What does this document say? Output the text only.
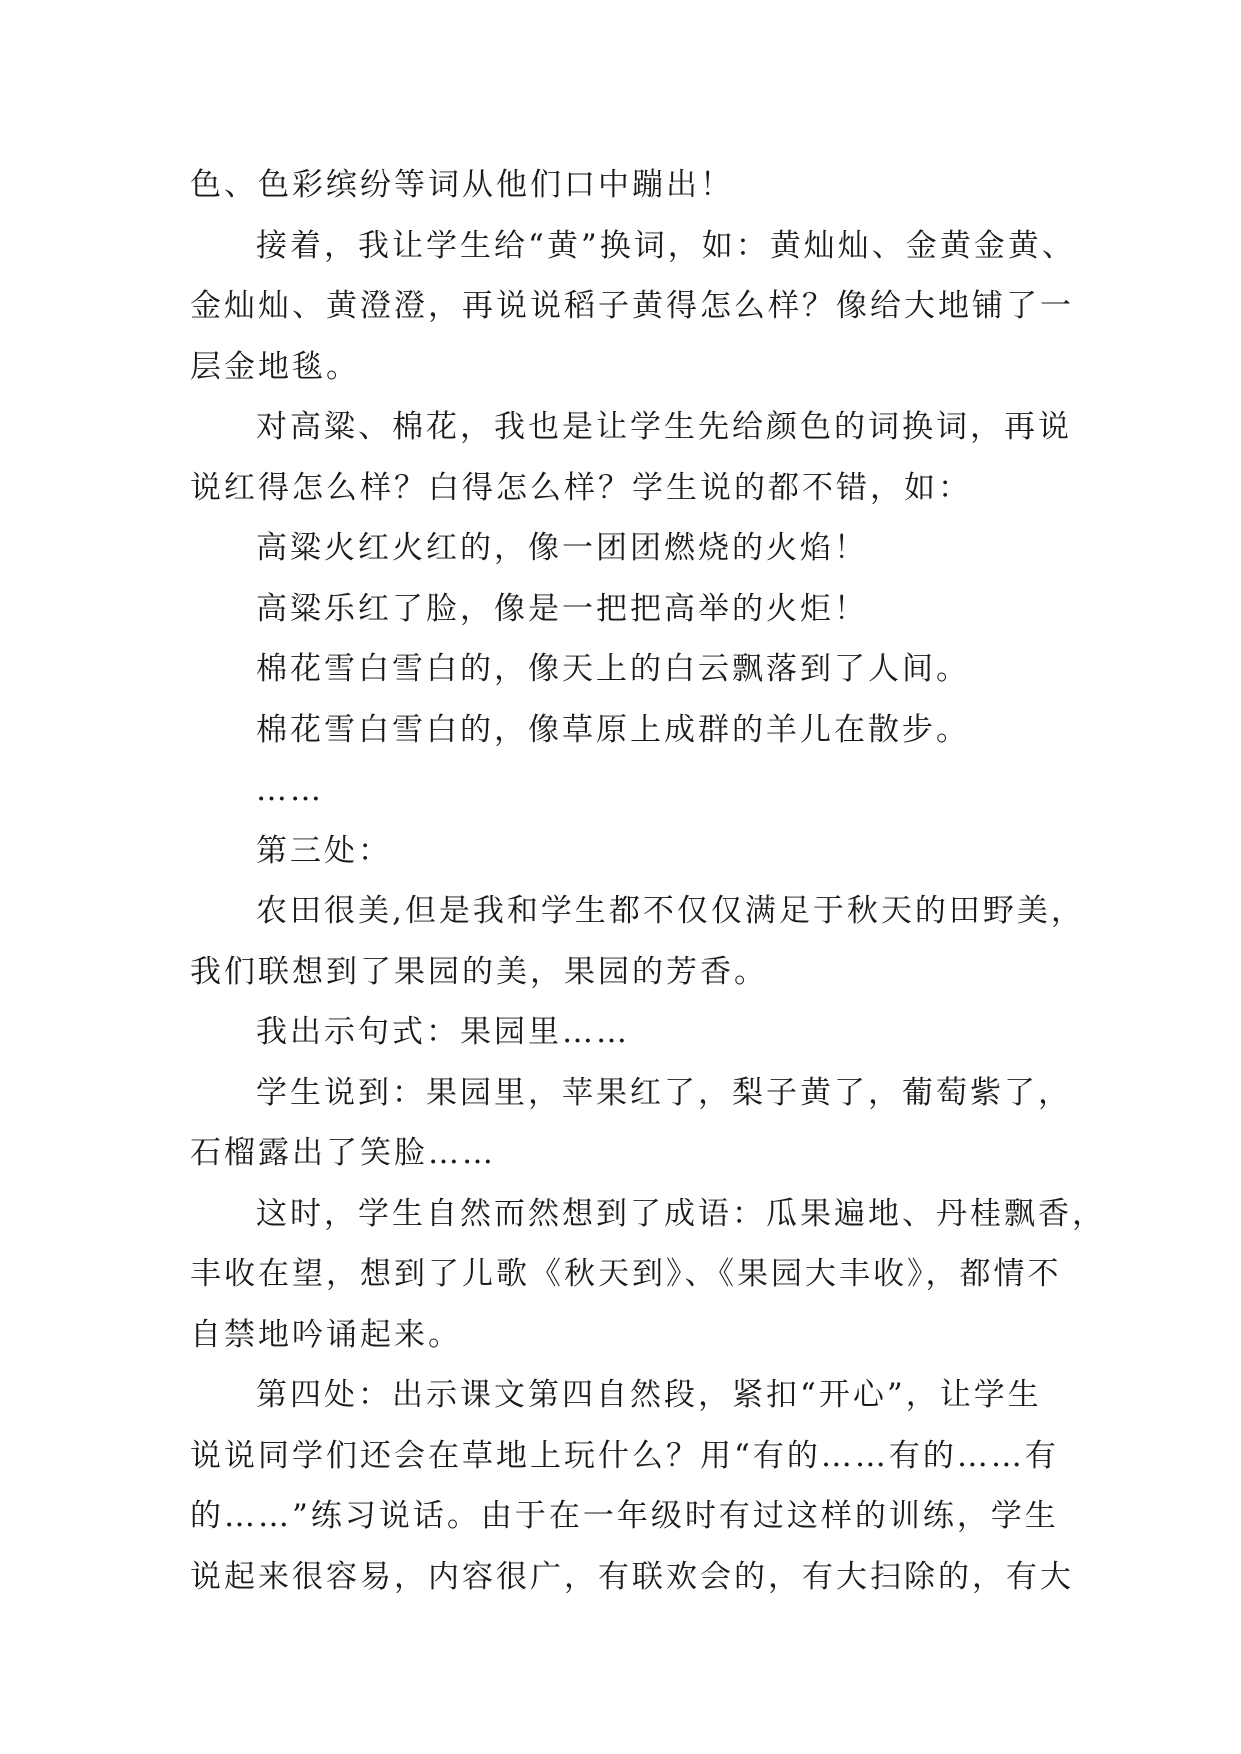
色、色彩缤纷等词从他们口中蹦出！
接着，我让学生给“黄”换词，如：黄灿灿、金黄金黄、
金灿灿、黄澄澄，再说说稻子黄得怎么样？像给大地铺了一
层金地毯。
对高粱、棉花，我也是让学生先给颜色的词换词，再说
说红得怎么样？白得怎么样？学生说的都不错，如：
高粱火红火红的，像一团团燃烧的火焰！
高粱乐红了脸，像是一把把高举的火炬！
棉花雪白雪白的，像天上的白云飘落到了人间。
棉花雪白雪白的，像草原上成群的羊儿在散步。
……
第三处：
农田很美,但是我和学生都不仅仅满足于秋天的田野美，
我们联想到了果园的美，果园的芳香。
我出示句式：果园里……
学生说到：果园里，苹果红了，梨子黄了，葡萄紫了，
石榴露出了笑脸……
这时，学生自然而然想到了成语：瓜果遍地、丹桂飘香，
丰收在望，想到了儿歌《秋天到》、《果园大丰收》，都情不
自禁地吟诵起来。
第四处：出示课文第四自然段，紧扣“开心”，让学生
说说同学们还会在草地上玩什么？用“有的……有的……有
的……”练习说话。由于在一年级时有过这样的训练，学生
说起来很容易，内容很广，有联欢会的，有大扫除的，有大
